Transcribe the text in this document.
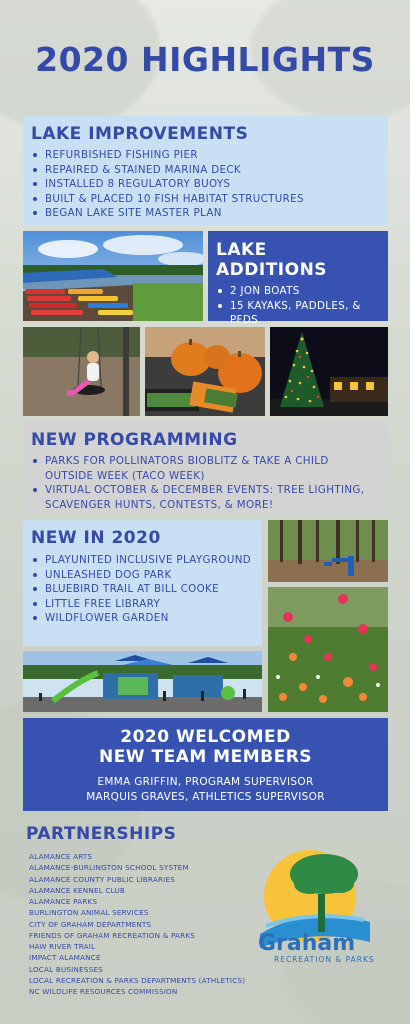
2020 HIGHLIGHTS
LAKE IMPROVEMENTS
REFURBISHED FISHING PIER
REPAIRED & STAINED MARINA DECK
INSTALLED 8 REGULATORY BUOYS
BUILT & PLACED 10 FISH HABITAT STRUCTURES
BEGAN LAKE SITE MASTER PLAN
LAKE ADDITIONS
2 JON BOATS
15 KAYAKS, PADDLES, & PFDS
NEW PROGRAMMING
PARKS FOR POLLINATORS BIOBLITZ & TAKE A CHILD OUTSIDE WEEK (TACO WEEK)
VIRTUAL OCTOBER & DECEMBER EVENTS: TREE LIGHTING, SCAVENGER HUNTS, CONTESTS, & MORE!
NEW IN 2020
PLAYUNITED INCLUSIVE PLAYGROUND
UNLEASHED DOG PARK
BLUEBIRD TRAIL AT BILL COOKE
LITTLE FREE LIBRARY
WILDFLOWER GARDEN
2020 WELCOMED
NEW TEAM MEMBERS

EMMA GRIFFIN, PROGRAM SUPERVISOR

MARQUIS GRAVES, ATHLETICS SUPERVISOR

PARTNERSHIPS
ALAMANCE ARTS
ALAMANCE-BURLINGTON SCHOOL SYSTEM
ALAMANCE COUNTY PUBLIC LIBRARIES
ALAMANCE KENNEL CLUB
ALAMANCE PARKS
BURLINGTON ANIMAL SERVICES
CITY OF GRAHAM DEPARTMENTS
FRIENDS OF GRAHAM RECREATION & PARKS
HAW RIVER TRAIL
IMPACT ALAMANCE
LOCAL BUSINESSES
LOCAL RECREATION & PARKS DEPARTMENTS (ATHLETICS)
NC WILDLIFE RESOURCES COMMISSION
Graham
RECREATION & PARKS
